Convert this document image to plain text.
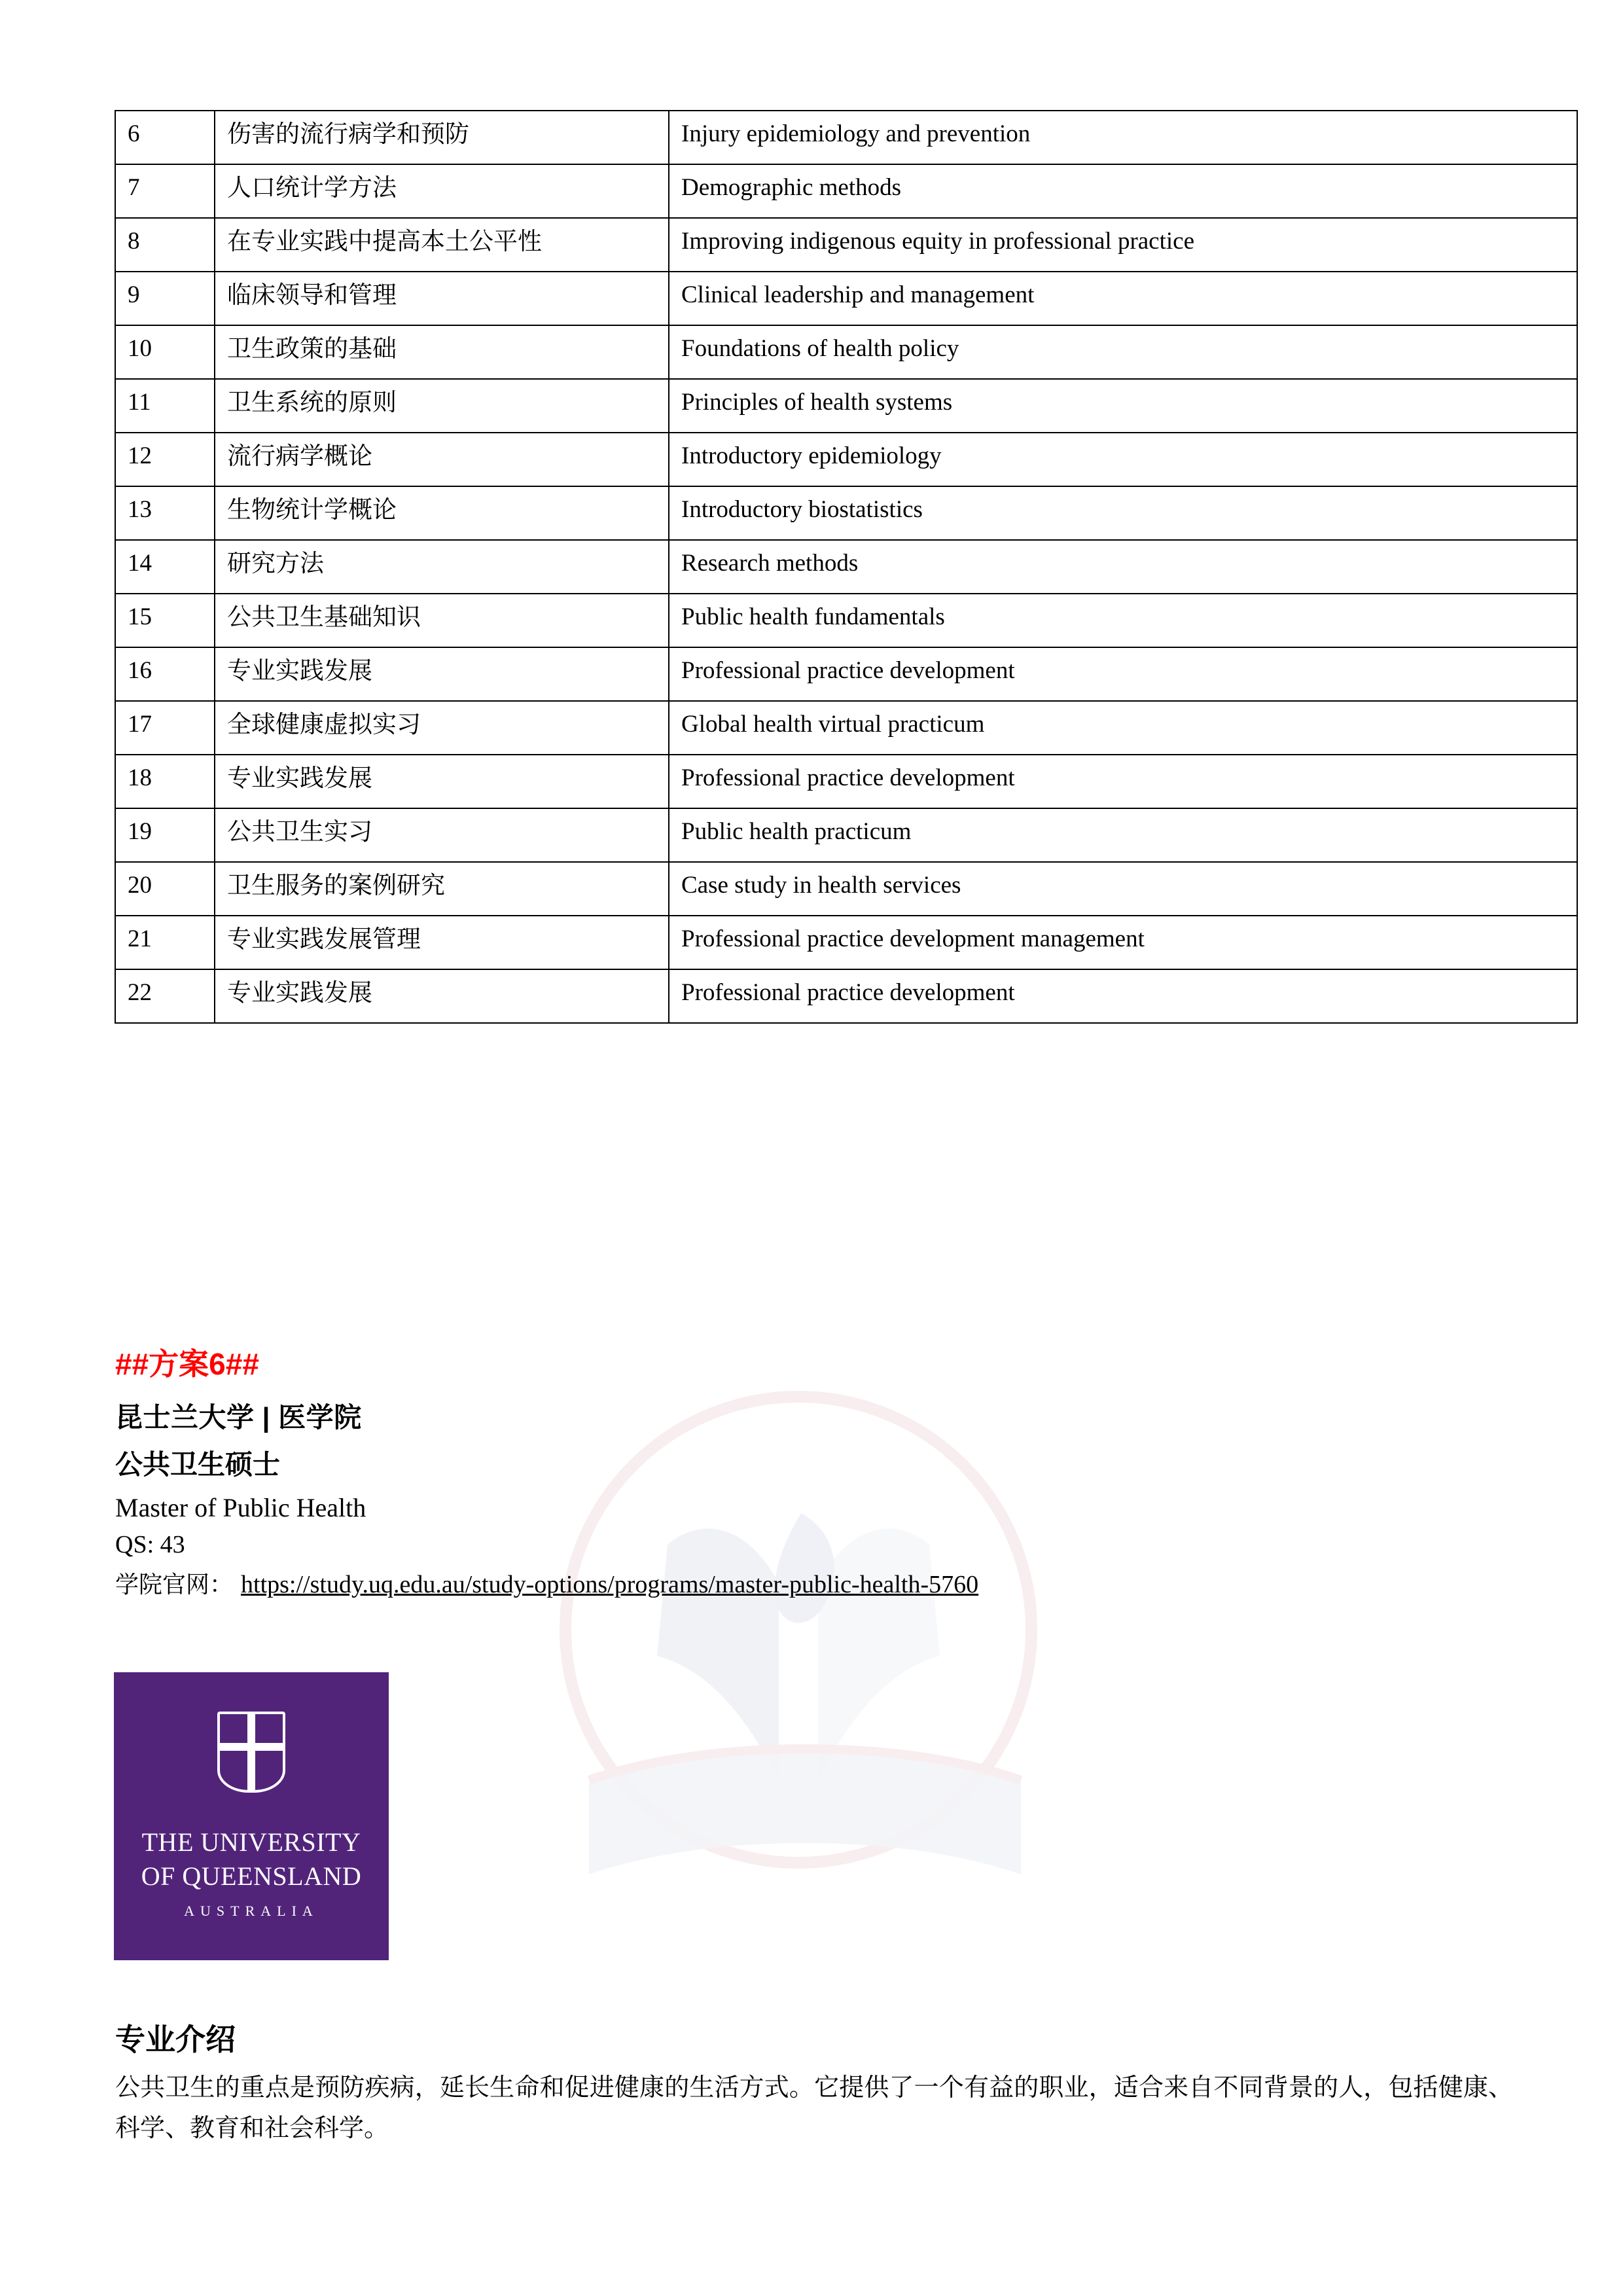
6	伤害的流行病学和预防	Injury epidemiology and prevention
7	人口统计学方法	Demographic methods
8	在专业实践中提高本土公平性	Improving indigenous equity in professional practice
9	临床领导和管理	Clinical leadership and management
10	卫生政策的基础	Foundations of health policy
11	卫生系统的原则	Principles of health systems
12	流行病学概论	Introductory epidemiology
13	生物统计学概论	Introductory biostatistics
14	研究方法	Research methods
15	公共卫生基础知识	Public health fundamentals
16	专业实践发展	Professional practice development
17	全球健康虚拟实习	Global health virtual practicum
18	专业实践发展	Professional practice development
19	公共卫生实习	Public health practicum
20	卫生服务的案例研究	Case study in health services
21	专业实践发展管理	Professional practice development management
22	专业实践发展	Professional practice development
##方案6##
昆士兰大学 | 医学院
公共卫生硕士
Master of Public Health
QS: 43
学院官网： https://study.uq.edu.au/study-options/programs/master-public-health-5760
THE UNIVERSITY
OF QUEENSLAND
AUSTRALIA
专业介绍
公共卫生的重点是预防疾病，延长生命和促进健康的生活方式。它提供了一个有益的职业，适合来自不同背景的人，包括健康、科学、教育和社会科学。
